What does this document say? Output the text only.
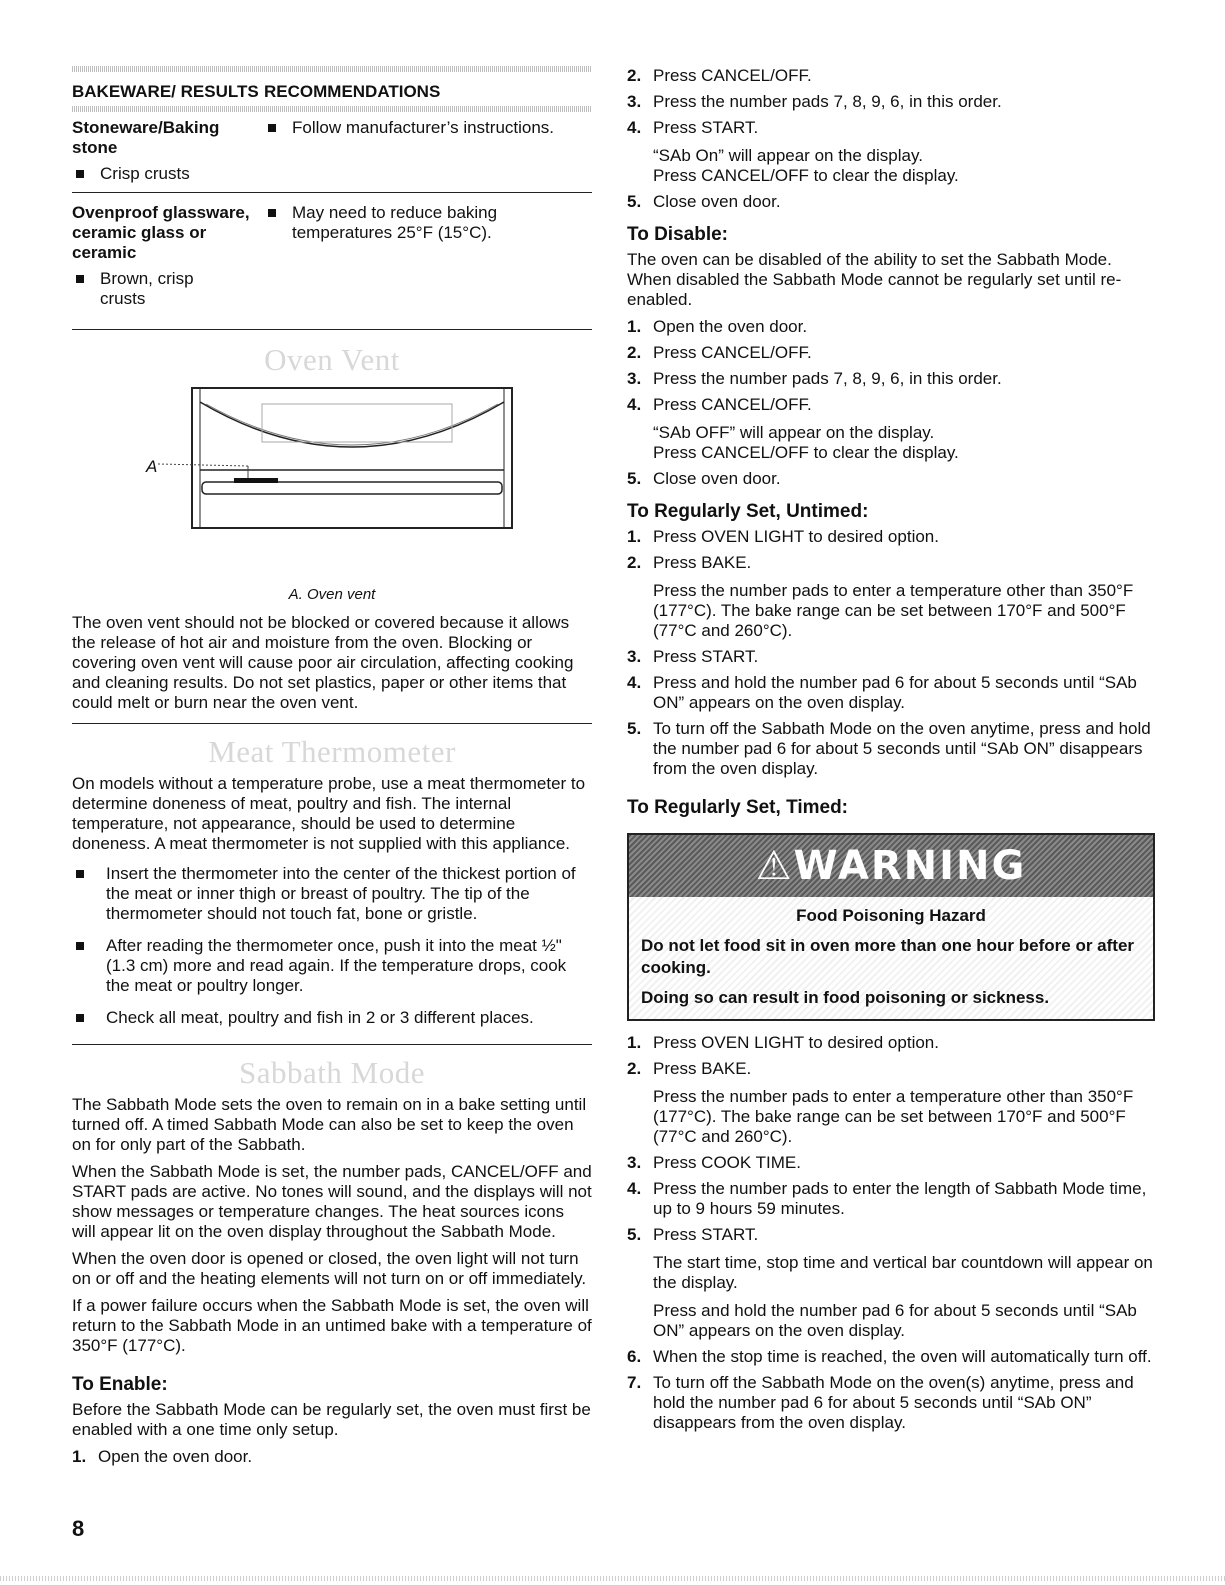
BAKEWARE/ RESULTS RECOMMENDATIONS
Stoneware/Baking stone
Crisp crusts
Follow manufacturer’s instructions.
Ovenproof glassware, ceramic glass or ceramic
Brown, crisp crusts
May need to reduce baking temperatures 25°F (15°C).
Oven Vent
A
A. Oven vent

The oven vent should not be blocked or covered because it allows the release of hot air and moisture from the oven. Blocking or covering oven vent will cause poor air circulation, affecting cooking and cleaning results. Do not set plastics, paper or other items that could melt or burn near the oven vent.

Meat Thermometer

On models without a temperature probe, use a meat thermometer to determine doneness of meat, poultry and fish. The internal temperature, not appearance, should be used to determine doneness. A meat thermometer is not supplied with this appliance.

Insert the thermometer into the center of the thickest portion of the meat or inner thigh or breast of poultry. The tip of the thermometer should not touch fat, bone or gristle.
After reading the thermometer once, push it into the meat ½" (1.3 cm) more and read again. If the temperature drops, cook the meat or poultry longer.
Check all meat, poultry and fish in 2 or 3 different places.
Sabbath Mode

The Sabbath Mode sets the oven to remain on in a bake setting until turned off. A timed Sabbath Mode can also be set to keep the oven on for only part of the Sabbath.

When the Sabbath Mode is set, the number pads, CANCEL/OFF and START pads are active. No tones will sound, and the displays will not show messages or temperature changes. The heat sources icons will appear lit on the oven display throughout the Sabbath Mode.

When the oven door is opened or closed, the oven light will not turn on or off and the heating elements will not turn on or off immediately.

If a power failure occurs when the Sabbath Mode is set, the oven will return to the Sabbath Mode in an untimed bake with a temperature of 350°F (177°C).

To Enable:

Before the Sabbath Mode can be regularly set, the oven must first be enabled with a one time only setup.

1. Open the oven door.
2. Press CANCEL/OFF.
3. Press the number pads 7, 8, 9, 6, in this order.
4. Press START.
“SAb On” will appear on the display.
Press CANCEL/OFF to clear the display.
5. Close oven door.
To Disable:

The oven can be disabled of the ability to set the Sabbath Mode. When disabled the Sabbath Mode cannot be regularly set until re-enabled.

1. Open the oven door.
2. Press CANCEL/OFF.
3. Press the number pads 7, 8, 9, 6, in this order.
4. Press CANCEL/OFF.
“SAb OFF” will appear on the display.
Press CANCEL/OFF to clear the display.
5. Close oven door.
To Regularly Set, Untimed:
1. Press OVEN LIGHT to desired option.
2. Press BAKE.
Press the number pads to enter a temperature other than 350°F (177°C). The bake range can be set between 170°F and 500°F (77°C and 260°C).
3. Press START.
4. Press and hold the number pad 6 for about 5 seconds until “SAb ON” appears on the oven display.
5. To turn off the Sabbath Mode on the oven anytime, press and hold the number pad 6 for about 5 seconds until “SAb ON” disappears from the oven display.
To Regularly Set, Timed:
⚠WARNING
Food Poisoning Hazard
Do not let food sit in oven more than one hour before or after cooking.
Doing so can result in food poisoning or sickness.
1. Press OVEN LIGHT to desired option.
2. Press BAKE.
Press the number pads to enter a temperature other than 350°F (177°C). The bake range can be set between 170°F and 500°F (77°C and 260°C).
3. Press COOK TIME.
4. Press the number pads to enter the length of Sabbath Mode time, up to 9 hours 59 minutes.
5. Press START.
The start time, stop time and vertical bar countdown will appear on the display.
Press and hold the number pad 6 for about 5 seconds until “SAb ON” appears on the oven display.
6. When the stop time is reached, the oven will automatically turn off.
7. To turn off the Sabbath Mode on the oven(s) anytime, press and hold the number pad 6 for about 5 seconds until “SAb ON” disappears from the oven display.
8
